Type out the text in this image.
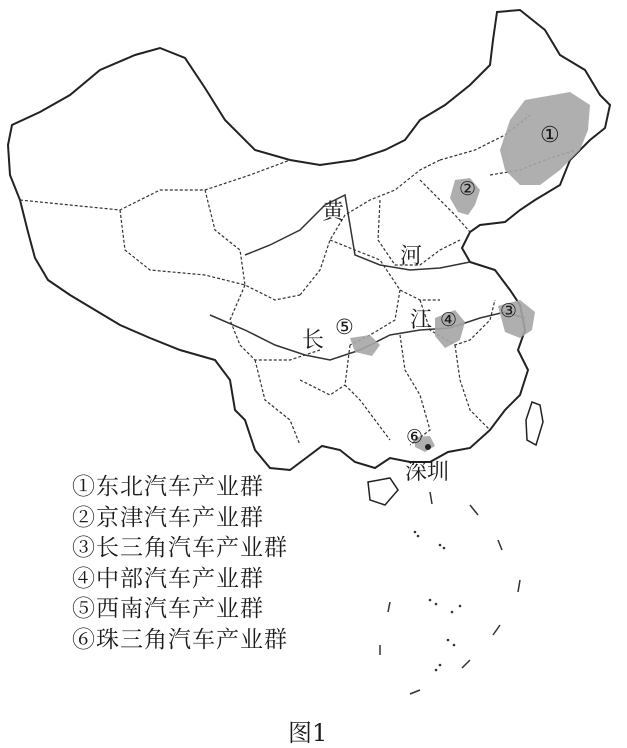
黄
河
长
江
深圳
①
②
③
④
⑤
⑥
①东北汽车产业群
②京津汽车产业群
③长三角汽车产业群
④中部汽车产业群
⑤西南汽车产业群
⑥珠三角汽车产业群
图1
